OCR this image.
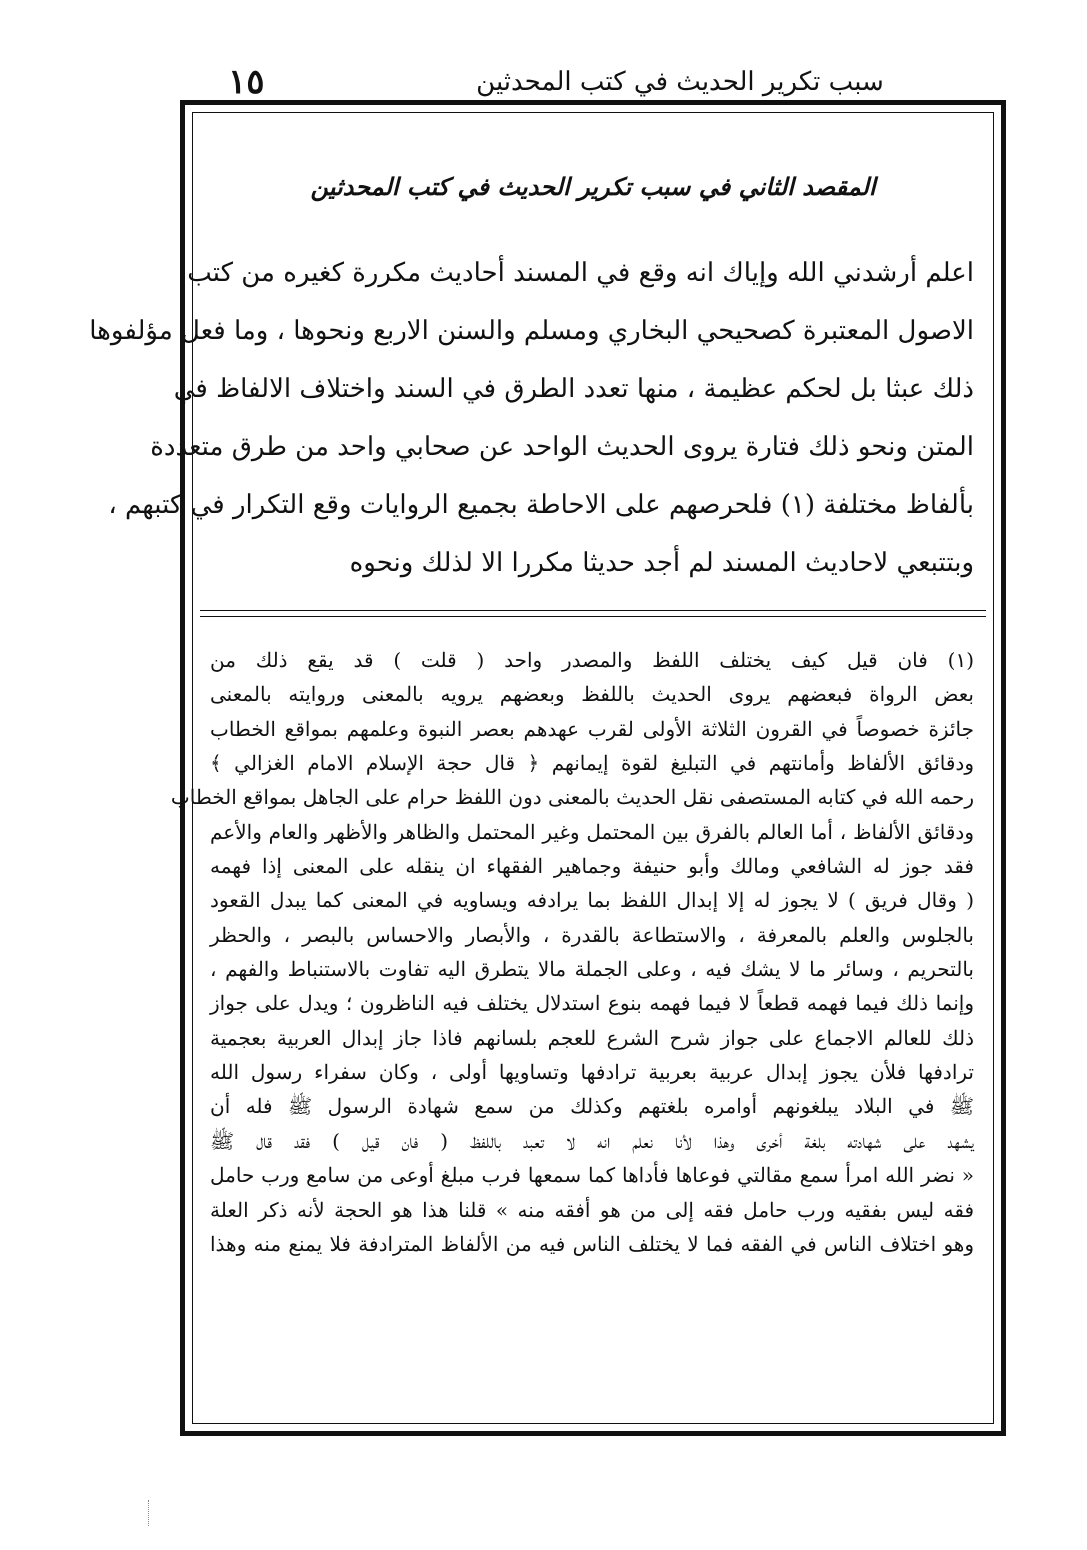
١٥	سبب تكرير الحديث في كتب المحدثين
المقصد الثاني في سبب تكرير الحديث في كتب المحدثين
اعلم أرشدني الله وإياك انه وقع في المسند أحاديث مكررة كغيره من كتب
الاصول المعتبرة كصحيحي البخاري ومسلم والسنن الاربع ونحوها ، وما فعل مؤلفوها
ذلك عبثا بل لحكم عظيمة ، منها تعدد الطرق في السند واختلاف الالفاظ في
المتن ونحو ذلك فتارة يروى الحديث الواحد عن صحابي واحد من طرق متعددة
بألفاظ مختلفة (١) فلحرصهم على الاحاطة بجميع الروايات وقع التكرار في كتبهم ،
وبتتبعي لاحاديث المسند لم أجد حديثا مكررا الا لذلك ونحوه
(١) فان قيل كيف يختلف اللفظ والمصدر واحد ( قلت ) قد يقع ذلك من
بعض الرواة فبعضهم يروى الحديث باللفظ وبعضهم يرويه بالمعنى وروايته بالمعنى
جائزة خصوصاً في القرون الثلاثة الأولى لقرب عهدهم بعصر النبوة وعلمهم بمواقع الخطاب
ودقائق الألفاظ وأمانتهم في التبليغ لقوة إيمانهم ﴿ قال حجة الإسلام الامام الغزالي ﴾
رحمه الله في كتابه المستصفى نقل الحديث بالمعنى دون اللفظ حرام على الجاهل بمواقع الخطاب
ودقائق الألفاظ ، أما العالم بالفرق بين المحتمل وغير المحتمل والظاهر والأظهر والعام والأعم
فقد جوز له الشافعي ومالك وأبو حنيفة وجماهير الفقهاء ان ينقله على المعنى إذا فهمه
( وقال فريق ) لا يجوز له إلا إبدال اللفظ بما يرادفه ويساويه في المعنى كما يبدل القعود
بالجلوس والعلم بالمعرفة ، والاستطاعة بالقدرة ، والأبصار والاحساس بالبصر ، والحظر
بالتحريم ، وسائر ما لا يشك فيه ، وعلى الجملة مالا يتطرق اليه تفاوت بالاستنباط والفهم ،
وإنما ذلك فيما فهمه قطعاً لا فيما فهمه بنوع استدلال يختلف فيه الناظرون ؛ ويدل على جواز
ذلك للعالم الاجماع على جواز شرح الشرع للعجم بلسانهم فاذا جاز إبدال العربية بعجمية
ترادفها فلأن يجوز إبدال عربية بعربية ترادفها وتساويها أولى ، وكان سفراء رسول الله
ﷺ في البلاد يبلغونهم أوامره بلغتهم وكذلك من سمع شهادة الرسول ﷺ فله أن
يشهد على شهادته بلغة أخرى وهذا لأنا نعلم انه لا تعبد باللفظ ( فان قيل ) فقد قال ﷺ
« نضر الله امرأ سمع مقالتي فوعاها فأداها كما سمعها فرب مبلغ أوعى من سامع ورب حامل
فقه ليس بفقيه ورب حامل فقه إلى من هو أفقه منه » قلنا هذا هو الحجة لأنه ذكر العلة
وهو اختلاف الناس في الفقه فما لا يختلف الناس فيه من الألفاظ المترادفة فلا يمنع منه وهذا
